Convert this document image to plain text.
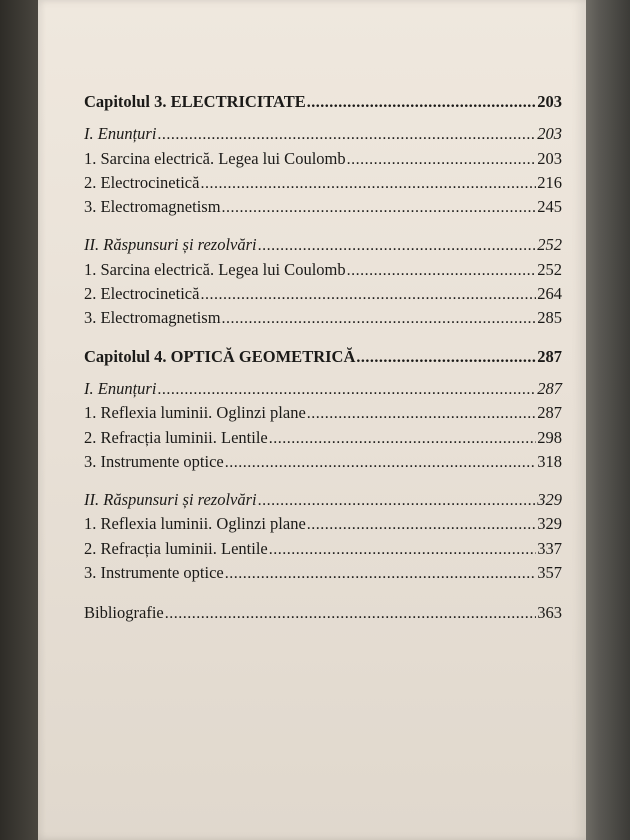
Capitolul 3. ELECTRICITATE .....	203
I. Enunțuri .....	203
1. Sarcina electrică. Legea lui Coulomb .....	203
2. Electrocinetică .....	216
3. Electromagnetism .....	245
II. Răspunsuri și rezolvări .....	252
1. Sarcina electrică. Legea lui Coulomb .....	252
2. Electrocinetică .....	264
3. Electromagnetism .....	285
Capitolul 4. OPTICĂ GEOMETRICĂ .....	287
I. Enunțuri .....	287
1. Reflexia luminii. Oglinzi plane .....	287
2. Refracția luminii. Lentile .....	298
3. Instrumente optice .....	318
II. Răspunsuri și rezolvări .....	329
1. Reflexia luminii. Oglinzi plane .....	329
2. Refracția luminii. Lentile .....	337
3. Instrumente optice .....	357
Bibliografie .....	363
